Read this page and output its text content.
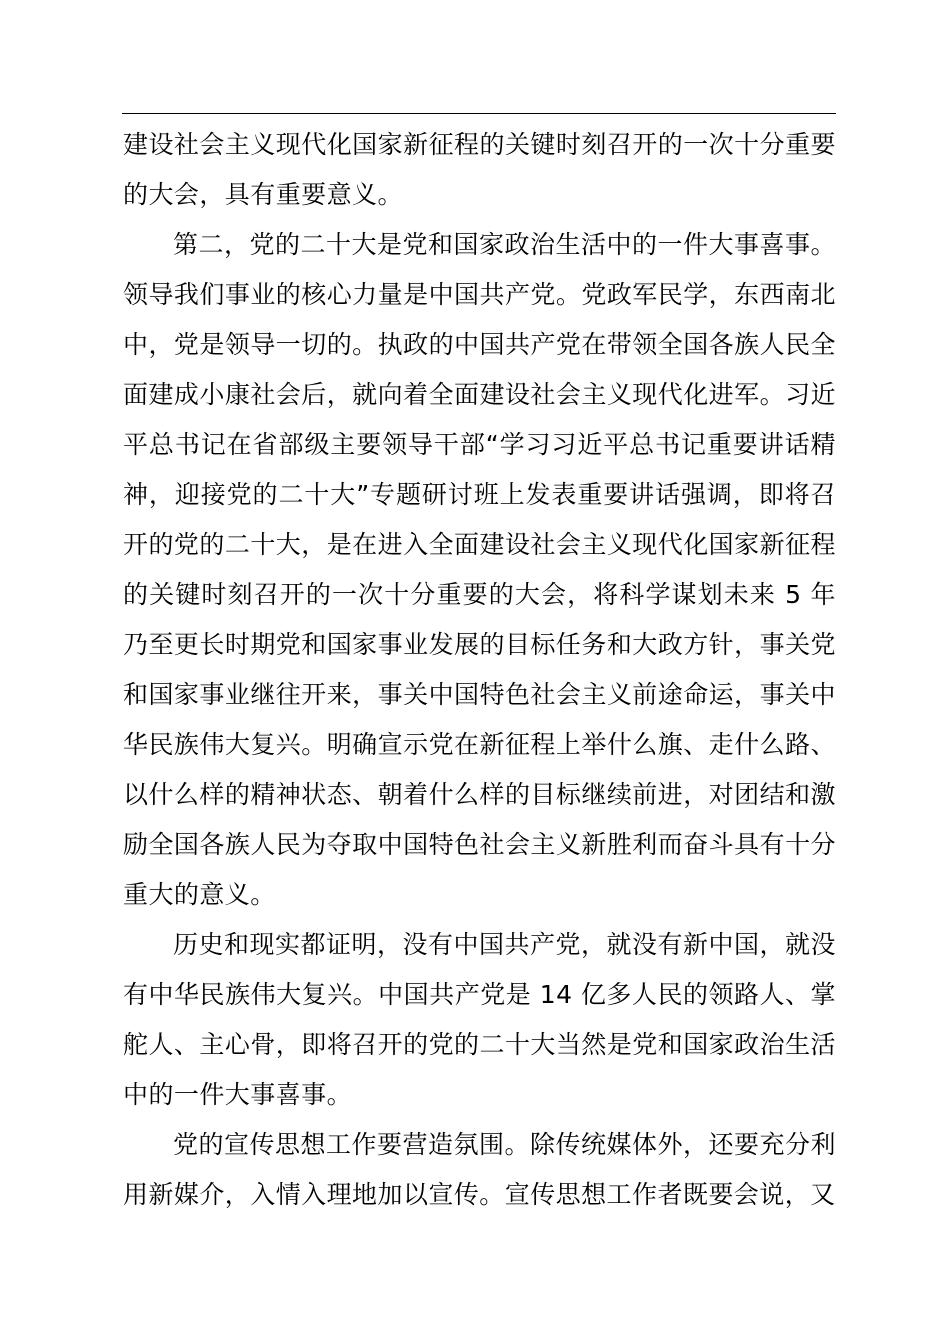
建设社会主义现代化国家新征程的关键时刻召开的一次十分重要的大会，具有重要意义。

第二，党的二十大是党和国家政治生活中的一件大事喜事。领导我们事业的核心力量是中国共产党。党政军民学，东西南北中，党是领导一切的。执政的中国共产党在带领全国各族人民全面建成小康社会后，就向着全面建设社会主义现代化进军。习近平总书记在省部级主要领导干部“学习习近平总书记重要讲话精神，迎接党的二十大”专题研讨班上发表重要讲话强调，即将召开的党的二十大，是在进入全面建设社会主义现代化国家新征程的关键时刻召开的一次十分重要的大会，将科学谋划未来 5 年乃至更长时期党和国家事业发展的目标任务和大政方针，事关党和国家事业继往开来，事关中国特色社会主义前途命运，事关中华民族伟大复兴。明确宣示党在新征程上举什么旗、走什么路、以什么样的精神状态、朝着什么样的目标继续前进，对团结和激励全国各族人民为夺取中国特色社会主义新胜利而奋斗具有十分重大的意义。

历史和现实都证明，没有中国共产党，就没有新中国，就没有中华民族伟大复兴。中国共产党是 14 亿多人民的领路人、掌舵人、主心骨，即将召开的党的二十大当然是党和国家政治生活中的一件大事喜事。

党的宣传思想工作要营造氛围。除传统媒体外，还要充分利用新媒介，入情入理地加以宣传。宣传思想工作者既要会说，又
